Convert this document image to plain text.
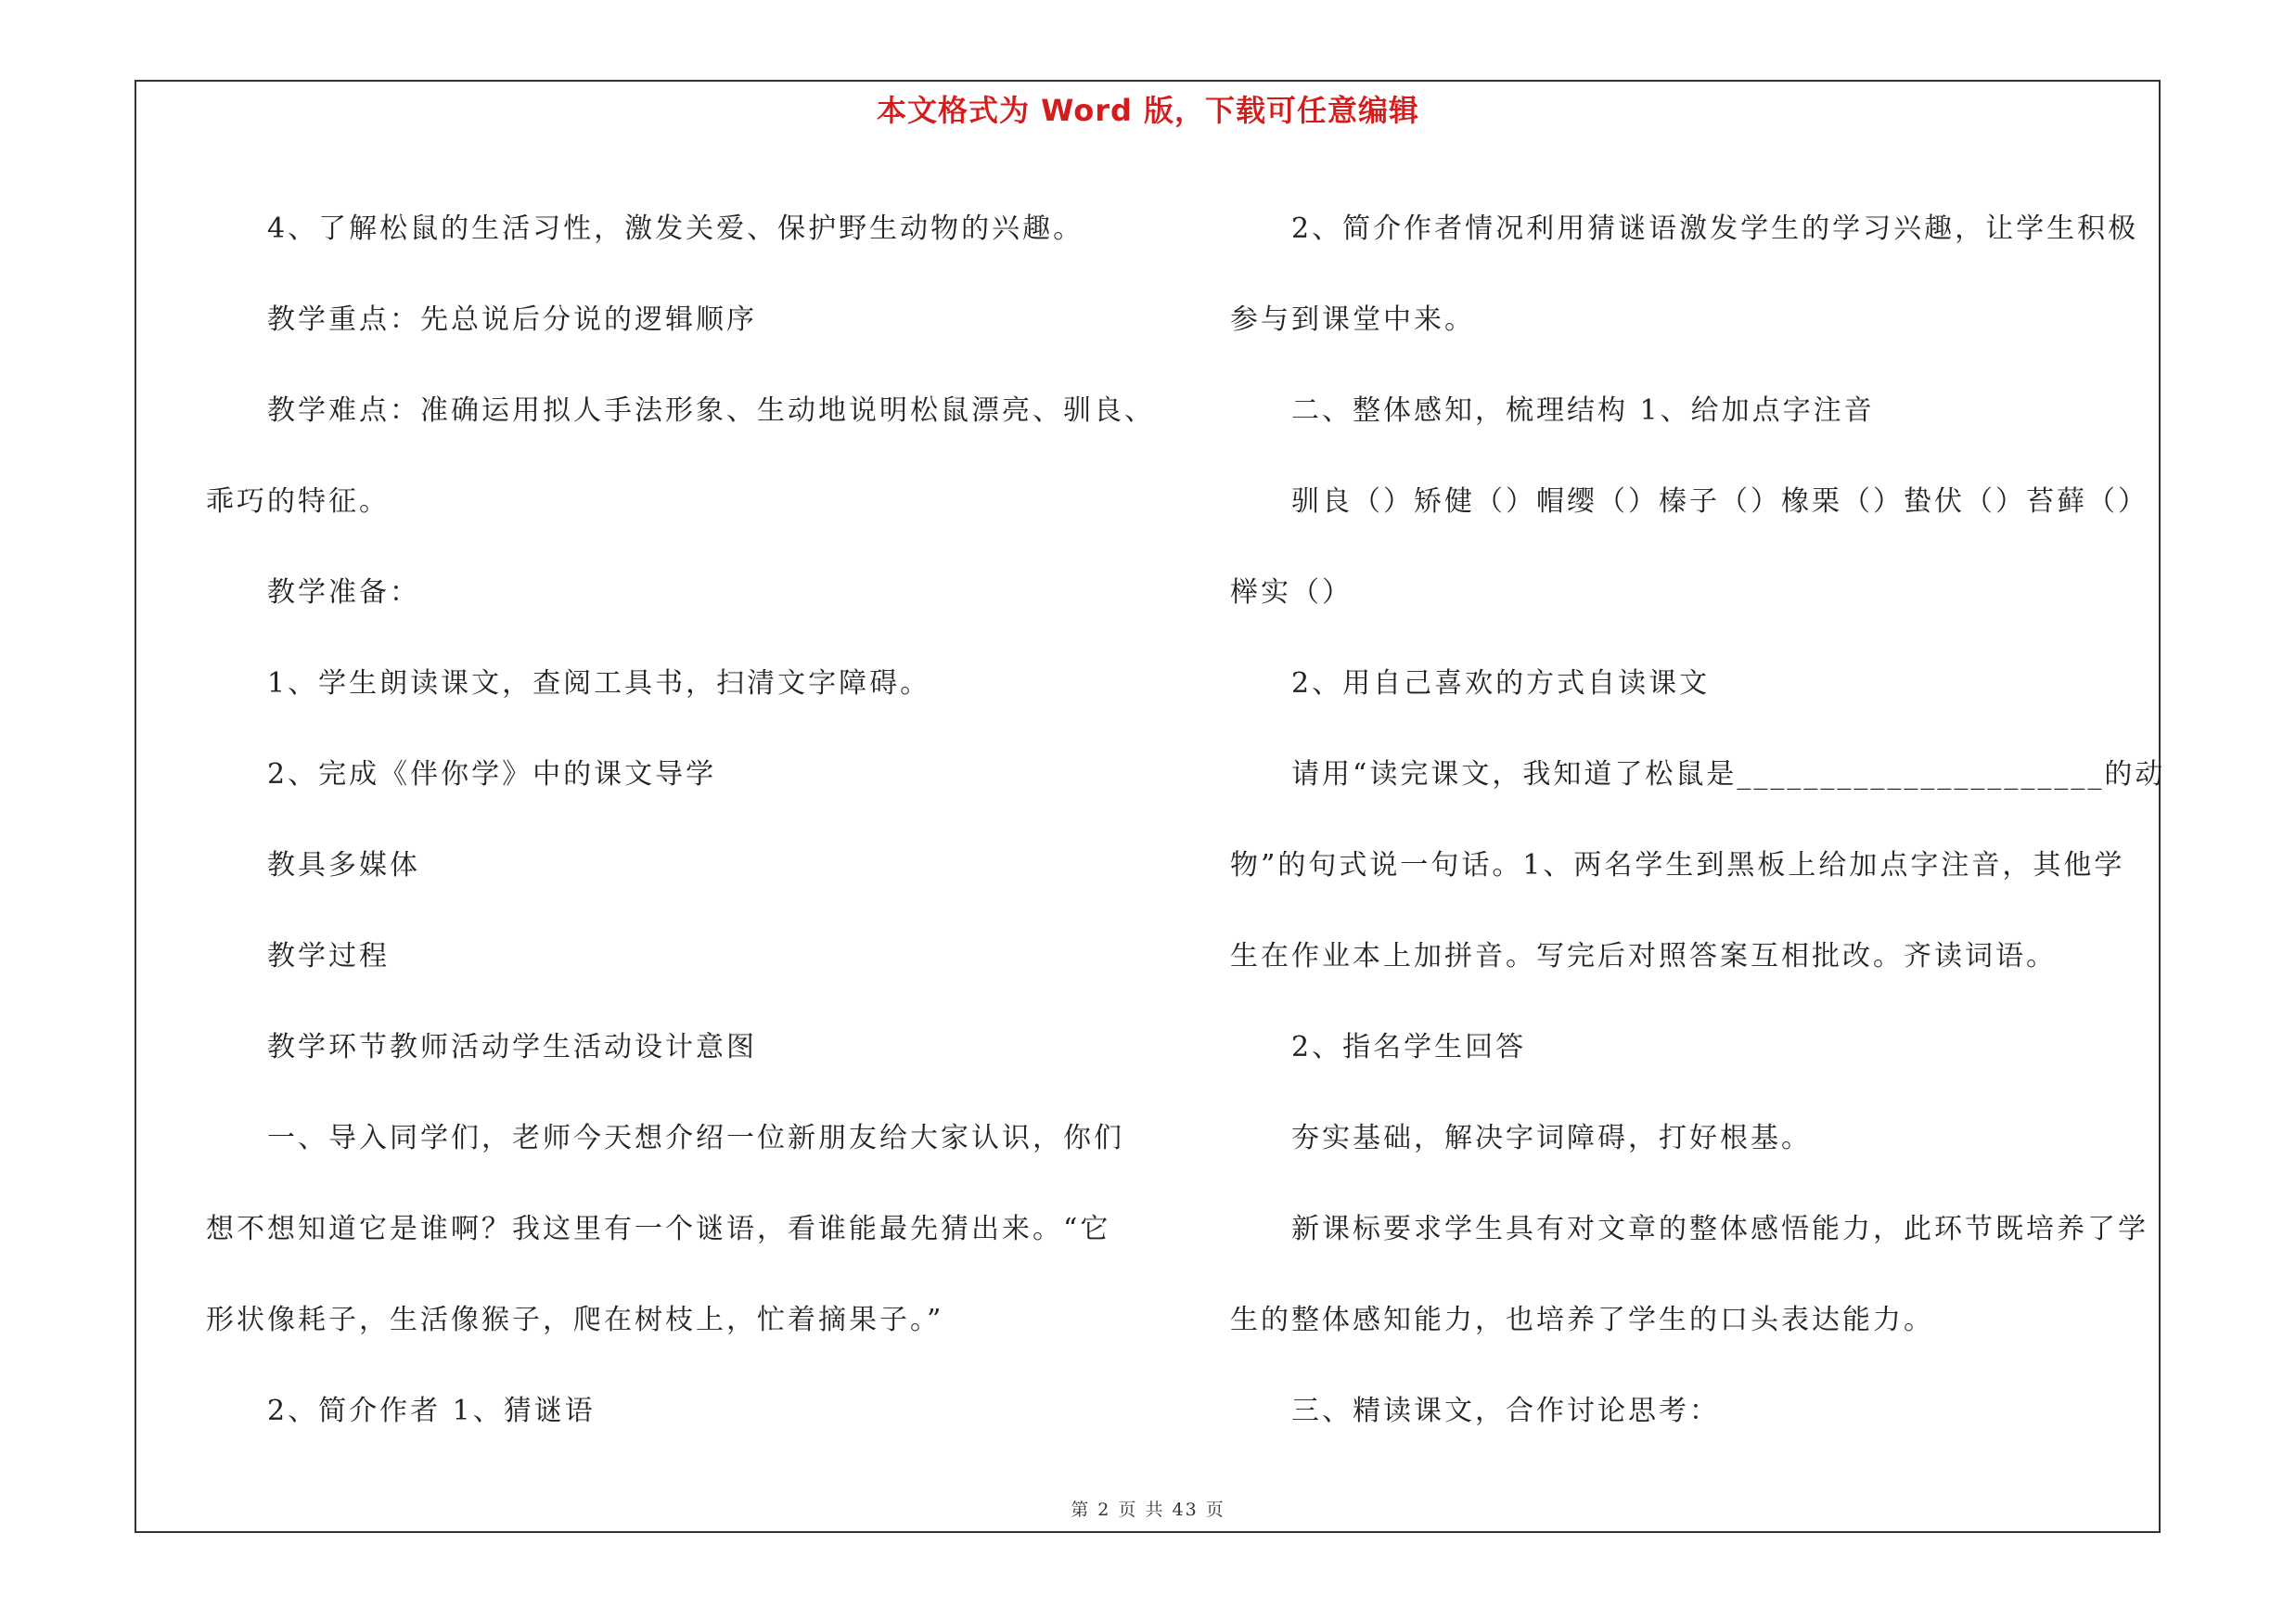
本文格式为 Word 版，下载可任意编辑
4、了解松鼠的生活习性，激发关爱、保护野生动物的兴趣。
教学重点：先总说后分说的逻辑顺序
教学难点：准确运用拟人手法形象、生动地说明松鼠漂亮、驯良、
乖巧的特征。
教学准备：
1、学生朗读课文，查阅工具书，扫清文字障碍。
2、完成《伴你学》中的课文导学
教具多媒体
教学过程
教学环节教师活动学生活动设计意图
一、导入同学们，老师今天想介绍一位新朋友给大家认识，你们
想不想知道它是谁啊？我这里有一个谜语，看谁能最先猜出来。“它
形状像耗子，生活像猴子，爬在树枝上，忙着摘果子。”
2、简介作者 1、猜谜语
2、简介作者情况利用猜谜语激发学生的学习兴趣，让学生积极
参与到课堂中来。
二、整体感知，梳理结构 1、给加点字注音
驯良（）矫健（）帽缨（）榛子（）橡栗（）蛰伏（）苔藓（）
榉实（）
2、用自己喜欢的方式自读课文
请用“读完课文，我知道了松鼠是______________________的动
物”的句式说一句话。1、两名学生到黑板上给加点字注音，其他学
生在作业本上加拼音。写完后对照答案互相批改。齐读词语。
2、指名学生回答
夯实基础，解决字词障碍，打好根基。
新课标要求学生具有对文章的整体感悟能力，此环节既培养了学
生的整体感知能力，也培养了学生的口头表达能力。
三、精读课文，合作讨论思考：
第 2 页 共 43 页
